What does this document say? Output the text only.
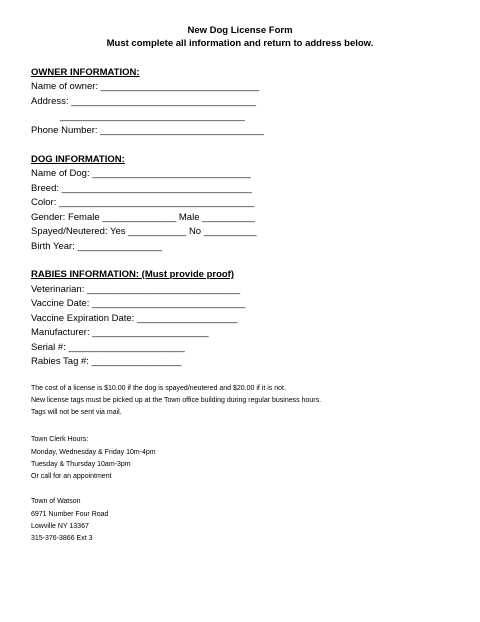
New Dog License Form
Must complete all information and return to address below.
OWNER INFORMATION:
Name of owner: ______________________________
Address: ___________________________________
___________________________________
Phone Number: _______________________________
DOG INFORMATION:
Name of Dog: ______________________________
Breed: ____________________________________
Color: _____________________________________
Gender: Female ______________ Male __________
Spayed/Neutered: Yes ___________ No __________
Birth Year: ________________
RABIES INFORMATION: (Must provide proof)
Veterinarian: _____________________________
Vaccine Date: _____________________________
Vaccine Expiration Date: ___________________
Manufacturer: ______________________
Serial #: ______________________
Rabies Tag #: _________________
The cost of a license is $10.00 if the dog is spayed/neutered and $20.00 if it is not.
New license tags must be picked up at the Town office building during regular business hours.
Tags will not be sent via mail.
Town Clerk Hours:
Monday, Wednesday & Friday 10m-4pm
Tuesday & Thursday 10am-3pm
Or call for an appointment
Town of Watson
6971 Number Four Road
Lowville NY 13367
315-376-3866 Ext 3
